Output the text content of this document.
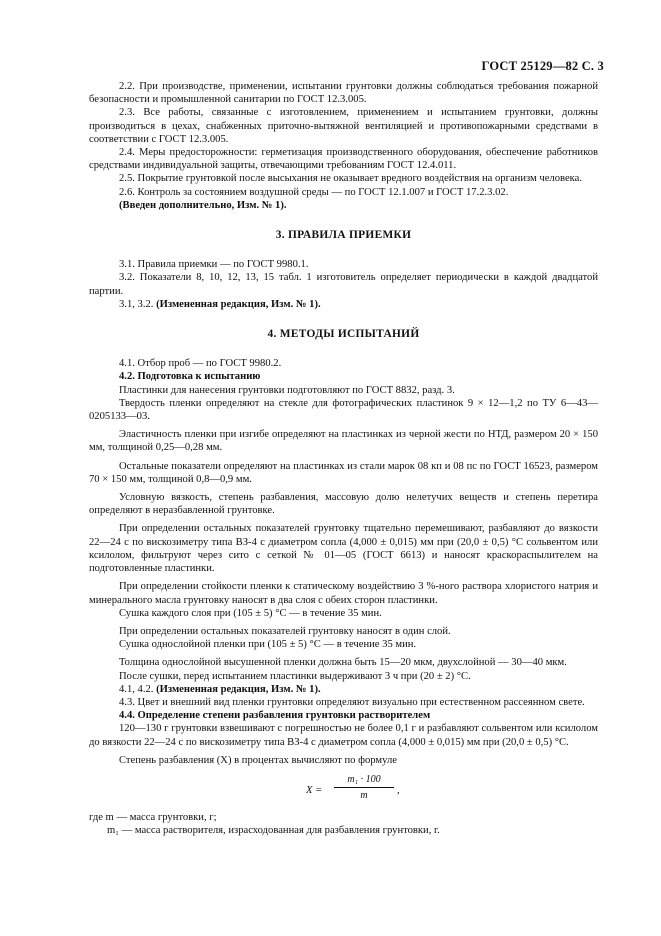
ГОСТ 25129—82 С. 3

2.2. При производстве, применении, испытании грунтовки должны соблюдаться требования пожарной безопасности и промышленной санитарии по ГОСТ 12.3.005.

2.3. Все работы, связанные с изготовлением, применением и испытанием грунтовки, должны производиться в цехах, снабженных приточно-вытяжной вентиляцией и противопожарными средствами в соответствии с ГОСТ 12.3.005.

2.4. Меры предосторожности: герметизация производственного оборудования, обеспечение работников средствами индивидуальной защиты, отвечающими требованиям ГОСТ 12.4.011.

2.5. Покрытие грунтовкой после высыхания не оказывает вредного воздействия на организм человека.

2.6. Контроль за состоянием воздушной среды — по ГОСТ 12.1.007 и ГОСТ 17.2.3.02.

(Введен дополнительно, Изм. № 1).

3. ПРАВИЛА ПРИЕМКИ

3.1. Правила приемки — по ГОСТ 9980.1.

3.2. Показатели 8, 10, 12, 13, 15 табл. 1 изготовитель определяет периодически в каждой двадцатой партии.

3.1, 3.2. (Измененная редакция, Изм. № 1).

4. МЕТОДЫ ИСПЫТАНИЙ

4.1. Отбор проб — по ГОСТ 9980.2.

4.2. Подготовка к испытанию

Пластинки для нанесения грунтовки подготовляют по ГОСТ 8832, разд. 3.

Твердость пленки определяют на стекле для фотографических пластинок 9 × 12—1,2 по ТУ 6—43—0205133—03.

Эластичность пленки при изгибе определяют на пластинках из черной жести по НТД, размером 20 × 150 мм, толщиной 0,25—0,28 мм.

Остальные показатели определяют на пластинках из стали марок 08 кп и 08 пс по ГОСТ 16523, размером 70 × 150 мм, толщиной 0,8—0,9 мм.

Условную вязкость, степень разбавления, массовую долю нелетучих веществ и степень перетира определяют в неразбавленной грунтовке.

При определении остальных показателей грунтовку тщательно перемешивают, разбавляют до вязкости 22—24 с по вискозиметру типа ВЗ-4 с диаметром сопла (4,000 ± 0,015) мм при (20,0 ± 0,5) °С сольвентом или ксилолом, фильтруют через сито с сеткой № 01—05 (ГОСТ 6613) и наносят краскораспылителем на подготовленные пластинки.

При определении стойкости пленки к статическому воздействию 3 %-ного раствора хлористого натрия и минерального масла грунтовку наносят в два слоя с обеих сторон пластинки.

Сушка каждого слоя при (105 ± 5) °С — в течение 35 мин.

При определении остальных показателей грунтовку наносят в один слой.

Сушка однослойной пленки при (105 ± 5) °С — в течение 35 мин.

Толщина однослойной высушенной пленки должна быть 15—20 мкм, двухслойной — 30—40 мкм.

После сушки, перед испытанием пластинки выдерживают 3 ч при (20 ± 2) °С.

4.1, 4.2. (Измененная редакция, Изм. № 1).

4.3. Цвет и внешний вид пленки грунтовки определяют визуально при естественном рассеянном свете.

4.4. Определение степени разбавления грунтовки растворителем

120—130 г грунтовки взвешивают с погрешностью не более 0,1 г и разбавляют сольвентом или ксилолом до вязкости 22—24 с по вискозиметру типа ВЗ-4 с диаметром сопла (4,000 ± 0,015) мм при (20,0 ± 0,5) °С.

Степень разбавления (X) в процентах вычисляют по формуле

$X = \frac{\text{m₁ · 100}}{m}$ ,

где m — масса грунтовки, г;

m₁ — масса растворителя, израсходованная для разбавления грунтовки, г.
